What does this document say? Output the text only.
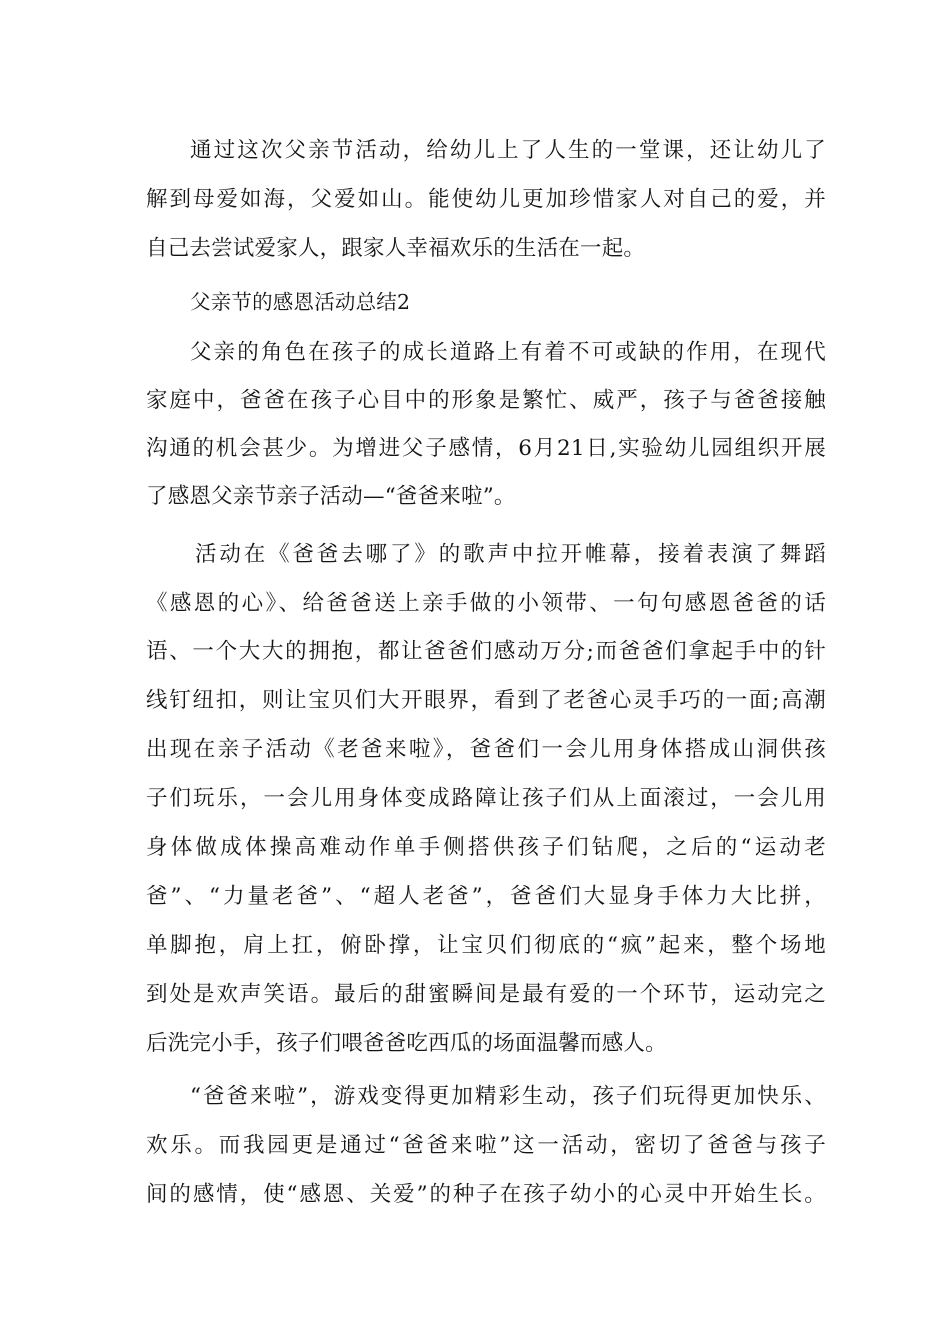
通过这次父亲节活动，给幼儿上了人生的一堂课，还让幼儿了

解到母爱如海，父爱如山。能使幼儿更加珍惜家人对自己的爱，并

自己去尝试爱家人，跟家人幸福欢乐的生活在一起。

父亲节的感恩活动总结2

父亲的角色在孩子的成长道路上有着不可或缺的作用，在现代

家庭中，爸爸在孩子心目中的形象是繁忙、威严，孩子与爸爸接触

沟通的机会甚少。为增进父子感情，6月21日,实验幼儿园组织开展

了感恩父亲节亲子活动—“爸爸来啦”。

活动在《爸爸去哪了》的歌声中拉开帷幕，接着表演了舞蹈

《感恩的心》、给爸爸送上亲手做的小领带、一句句感恩爸爸的话

语、一个大大的拥抱，都让爸爸们感动万分;而爸爸们拿起手中的针

线钉纽扣，则让宝贝们大开眼界，看到了老爸心灵手巧的一面;高潮

出现在亲子活动《老爸来啦》，爸爸们一会儿用身体搭成山洞供孩

子们玩乐，一会儿用身体变成路障让孩子们从上面滚过，一会儿用

身体做成体操高难动作单手侧搭供孩子们钻爬，之后的“运动老

爸”、“力量老爸”、“超人老爸”，爸爸们大显身手体力大比拼，

单脚抱，肩上扛，俯卧撑，让宝贝们彻底的“疯”起来，整个场地

到处是欢声笑语。最后的甜蜜瞬间是最有爱的一个环节，运动完之

后洗完小手，孩子们喂爸爸吃西瓜的场面温馨而感人。

“爸爸来啦”，游戏变得更加精彩生动，孩子们玩得更加快乐、

欢乐。而我园更是通过“爸爸来啦”这一活动，密切了爸爸与孩子

间的感情，使“感恩、关爱”的种子在孩子幼小的心灵中开始生长。
